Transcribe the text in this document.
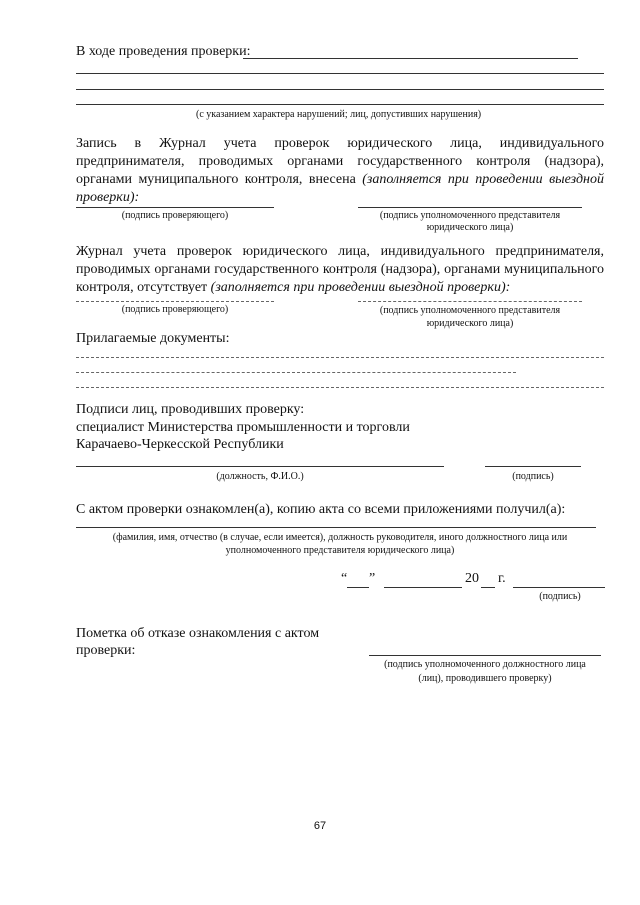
В ходе проведения проверки:
(с указанием характера нарушений; лиц, допустивших нарушения)
Запись в Журнал учета проверок юридического лица, индивидуального предпринимателя, проводимых органами государственного контроля (надзора), органами муниципального контроля, внесена (заполняется при проведении выездной проверки):
(подпись проверяющего)	(подпись уполномоченного представителя
юридического лица)
Журнал учета проверок юридического лица, индивидуального предпринимателя, проводимых органами государственного контроля (надзора), органами муниципального контроля, отсутствует (заполняется при проведении выездной проверки):
(подпись проверяющего)	(подпись уполномоченного представителя
юридического лица)
Прилагаемые документы:
Подписи лиц, проводивших проверку:
специалист Министерства промышленности и торговли
Карачаево-Черкесской Республики
(должность, Ф.И.О.)	(подпись)
С актом проверки ознакомлен(а), копию акта со всеми приложениями получил(а):
(фамилия, имя, отчество (в случае, если имеется), должность руководителя, иного должностного лица или
уполномоченного представителя юридического лица)
“ ”	20 г.
(подпись)
Пометка об отказе ознакомления с актом
проверки:
(подпись уполномоченного должностного лица
(лиц), проводившего проверку)
67
